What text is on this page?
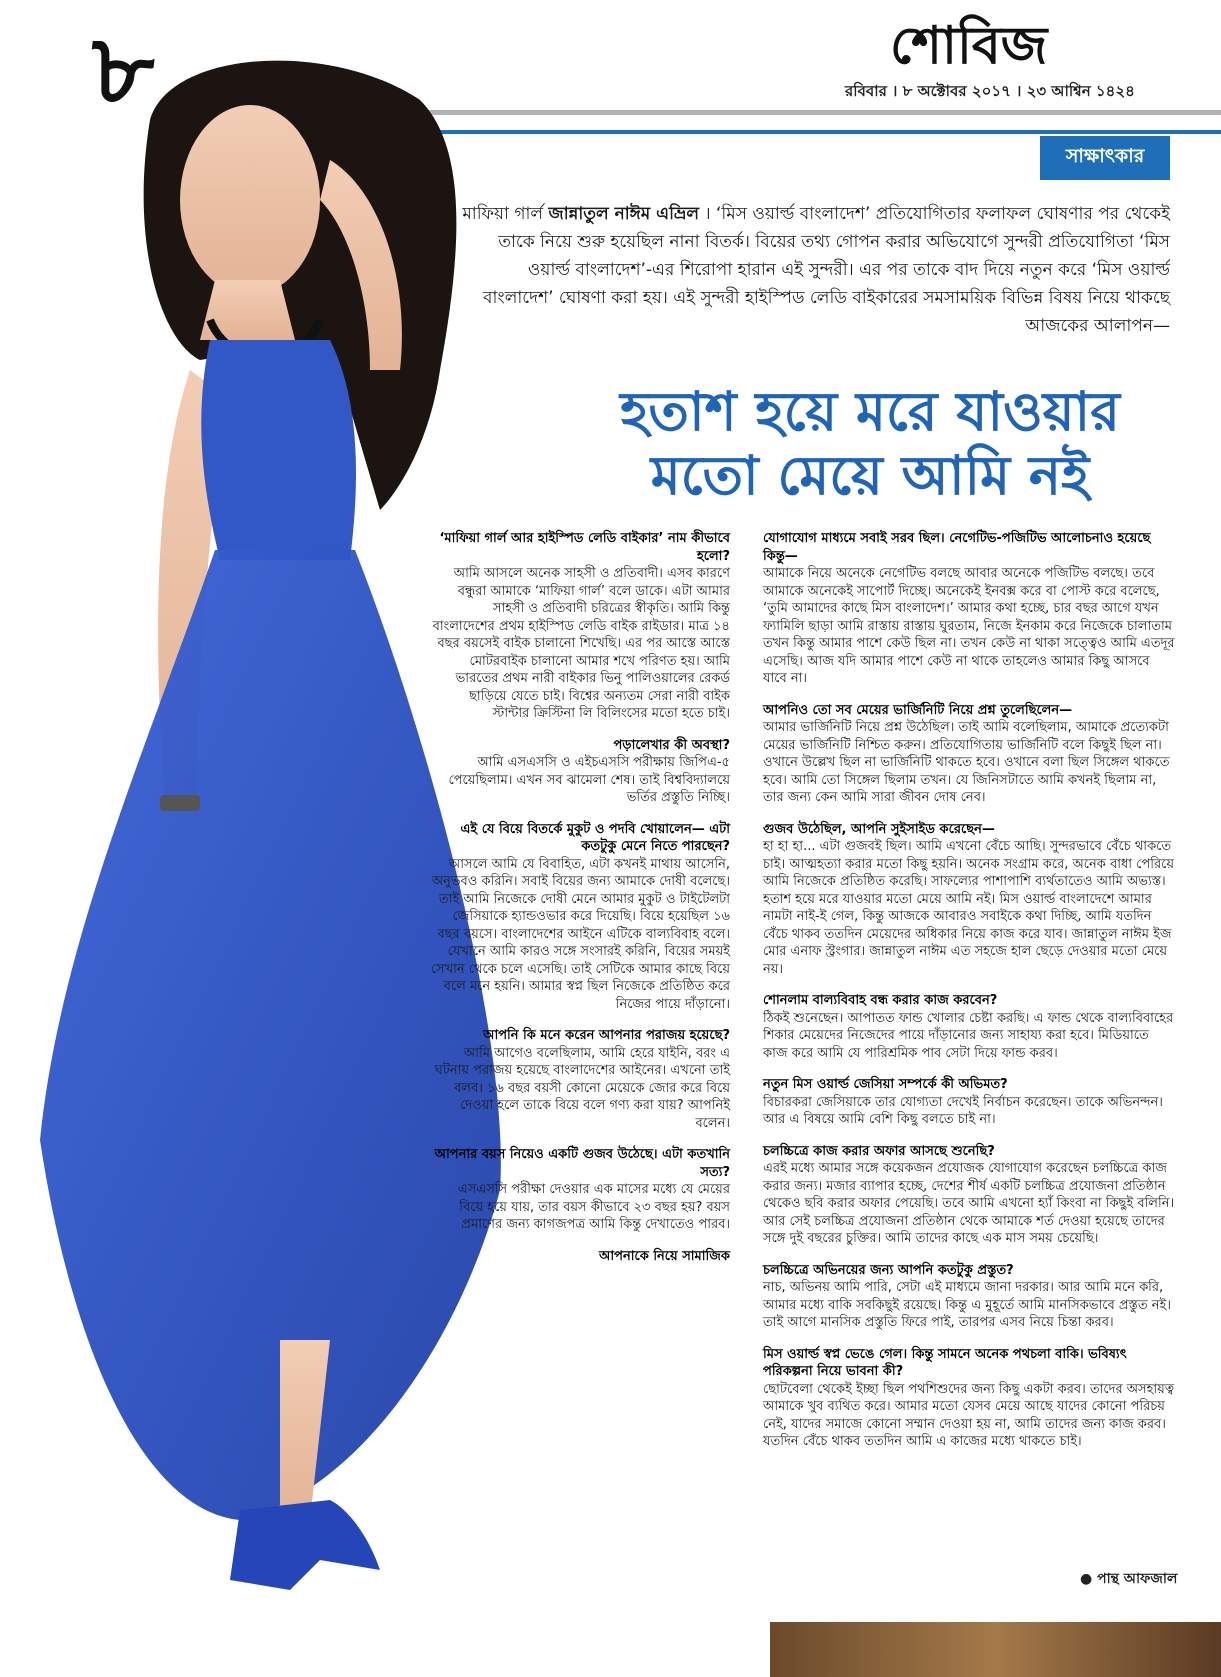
৮	শোবিজ
রবিবার । ৮ অক্টোবর ২০১৭ । ২৩ আশ্বিন ১৪২৪
সাক্ষাৎকার
মাফিয়া গার্ল জান্নাতুল নাঈম এভ্রিল । ‘মিস ওয়ার্ল্ড বাংলাদেশ’ প্রতিযোগিতার ফলাফল ঘোষণার পর থেকেই তাকে নিয়ে শুরু হয়েছিল নানা বিতর্ক। বিয়ের তথ্য গোপন করার অভিযোগে সুন্দরী প্রতিযোগিতা ‘মিস ওয়ার্ল্ড বাংলাদেশ’-এর শিরোপা হারান এই সুন্দরী। এর পর তাকে বাদ দিয়ে নতুন করে ‘মিস ওয়ার্ল্ড বাংলাদেশ’ ঘোষণা করা হয়। এই সুন্দরী হাইস্পিড লেডি বাইকারের সমসাময়িক বিভিন্ন বিষয় নিয়ে থাকছে আজকের আলাপন—
হতাশ হয়ে মরে যাওয়ার
মতো মেয়ে আমি নই
‘মাফিয়া গার্ল আর হাইস্পিড লেডি বাইকার’ নাম কীভাবে হলো?
আমি আসলে অনেক সাহসী ও প্রতিবাদী। এসব কারণে বন্ধুরা আমাকে ‘মাফিয়া গার্ল’ বলে ডাকে। এটা আমার সাহসী ও প্রতিবাদী চরিত্রের স্বীকৃতি। আমি কিন্তু বাংলাদেশের প্রথম হাইস্পিড লেডি বাইক রাইডার। মাত্র ১৪ বছর বয়সেই বাইক চালানো শিখেছি। এর পর আস্তে আস্তে মোটরবাইক চালানো আমার শখে পরিণত হয়। আমি ভারতের প্রথম নারী বাইকার ভিনু পালিওয়ালের রেকর্ড ছাড়িয়ে যেতে চাই। বিশ্বের অন্যতম সেরা নারী বাইক স্টান্টার ক্রিস্টিনা লি বিলিংসের মতো হতে চাই।
পড়ালেখার কী অবস্থা?
আমি এসএসসি ও এইচএসসি পরীক্ষায় জিপিএ-৫ পেয়েছিলাম। এখন সব ঝামেলা শেষ। তাই বিশ্ববিদ্যালয়ে ভর্তির প্রস্তুতি নিচ্ছি।
এই যে বিয়ে বিতর্কে মুকুট ও পদবি খোয়ালেন— এটা কতটুকু মেনে নিতে পারছেন?
আসলে আমি যে বিবাহিত, এটা কখনই মাথায় আসেনি, অনুভবও করিনি। সবাই বিয়ের জন্য আমাকে দোষী বলেছে। তাই আমি নিজেকে দোষী মেনে আমার মুকুট ও টাইটেলটা জেসিয়াকে হ্যান্ডওভার করে দিয়েছি। বিয়ে হয়েছিল ১৬ বছর বয়সে। বাংলাদেশের আইনে এটিকে বাল্যবিবাহ বলে। যেখানে আমি কারও সঙ্গে সংসারই করিনি, বিয়ের সময়ই সেখান থেকে চলে এসেছি। তাই সেটিকে আমার কাছে বিয়ে বলে মনে হয়নি। আমার স্বপ্ন ছিল নিজেকে প্রতিষ্ঠিত করে নিজের পায়ে দাঁড়ানো।
আপনি কি মনে করেন আপনার পরাজয় হয়েছে?
আমি আগেও বলেছিলাম, আমি হেরে যাইনি, বরং এ ঘটনায় পরাজয় হয়েছে বাংলাদেশের আইনের। এখনো তাই বলব। ১৬ বছর বয়সী কোনো মেয়েকে জোর করে বিয়ে দেওয়া হলে তাকে বিয়ে বলে গণ্য করা যায়? আপনিই বলেন।
আপনার বয়স নিয়েও একটি গুজব উঠেছে। এটা কতখানি সত্য?
এসএসসি পরীক্ষা দেওয়ার এক মাসের মধ্যে যে মেয়ের বিয়ে হয়ে যায়, তার বয়স কীভাবে ২৩ বছর হয়? বয়স প্রমাণের জন্য কাগজপত্র আমি কিন্তু দেখাতেও পারব।
আপনাকে নিয়ে সামাজিক
যোগাযোগ মাধ্যমে সবাই সরব ছিল। নেগেটিভ-পজিটিভ আলোচনাও হয়েছে কিন্তু—
আমাকে নিয়ে অনেকে নেগেটিভ বলছে আবার অনেকে পজিটিভ বলছে। তবে আমাকে অনেকেই সাপোর্ট দিচ্ছে। অনেকেই ইনবক্স করে বা পোস্ট করে বলেছে, ‘তুমি আমাদের কাছে মিস বাংলাদেশ।’ আমার কথা হচ্ছে, চার বছর আগে যখন ফ্যামিলি ছাড়া আমি রাস্তায় রাস্তায় ঘুরতাম, নিজে ইনকাম করে নিজেকে চালাতাম তখন কিন্তু আমার পাশে কেউ ছিল না। তখন কেউ না থাকা সত্ত্বেও আমি এতদূর এসেছি। আজ যদি আমার পাশে কেউ না থাকে তাহলেও আমার কিছু আসবে যাবে না।
আপনিও তো সব মেয়ের ভার্জিনিটি নিয়ে প্রশ্ন তুলেছিলেন—
আমার ভার্জিনিটি নিয়ে প্রশ্ন উঠেছিল। তাই আমি বলেছিলাম, আমাকে প্রত্যেকটা মেয়ের ভার্জিনিটি নিশ্চিত করুন। প্রতিযোগিতায় ভার্জিনিটি বলে কিছুই ছিল না। ওখানে উল্লেখ ছিল না ভার্জিনিটি থাকতে হবে। ওখানে বলা ছিল সিঙ্গেল থাকতে হবে। আমি তো সিঙ্গেল ছিলাম তখন। যে জিনিসটাতে আমি কখনই ছিলাম না, তার জন্য কেন আমি সারা জীবন দোষ নেব।
গুজব উঠেছিল, আপনি সুইসাইড করেছেন—
হা হা হা... এটা গুজবই ছিল। আমি এখনো বেঁচে আছি। সুন্দরভাবে বেঁচে থাকতে চাই। আত্মহত্যা করার মতো কিছু হয়নি। অনেক সংগ্রাম করে, অনেক বাধা পেরিয়ে আমি নিজেকে প্রতিষ্ঠিত করেছি। সাফল্যের পাশাপাশি ব্যর্থতাতেও আমি অভ্যস্ত। হতাশ হয়ে মরে যাওয়ার মতো মেয়ে আমি নই। মিস ওয়ার্ল্ড বাংলাদেশে আমার নামটা নাই-ই গেল, কিন্তু আজকে আবারও সবাইকে কথা দিচ্ছি, আমি যতদিন বেঁচে থাকব ততদিন মেয়েদের অধিকার নিয়ে কাজ করে যাব। জান্নাতুল নাঈম ইজ মোর এনাফ স্ট্রংগার। জান্নাতুল নাঈম এত সহজে হাল ছেড়ে দেওয়ার মতো মেয়ে নয়।
শোনলাম বাল্যবিবাহ বন্ধ করার কাজ করবেন?
ঠিকই শুনেছেন। আপাতত ফান্ড খোলার চেষ্টা করছি। এ ফান্ড থেকে বাল্যবিবাহের শিকার মেয়েদের নিজেদের পায়ে দাঁড়ানোর জন্য সাহায্য করা হবে। মিডিয়াতে কাজ করে আমি যে পারিশ্রমিক পাব সেটা দিয়ে ফান্ড করব।
নতুন মিস ওয়ার্ল্ড জেসিয়া সম্পর্কে কী অভিমত?
বিচারকরা জেসিয়াকে তার যোগ্যতা দেখেই নির্বাচন করেছেন। তাকে অভিনন্দন। আর এ বিষয়ে আমি বেশি কিছু বলতে চাই না।
চলচ্চিত্রে কাজ করার অফার আসছে শুনেছি?
এরই মধ্যে আমার সঙ্গে কয়েকজন প্রযোজক যোগাযোগ করেছেন চলচ্চিত্রে কাজ করার জন্য। মজার ব্যাপার হচ্ছে, দেশের শীর্ষ একটি চলচ্চিত্র প্রযোজনা প্রতিষ্ঠান থেকেও ছবি করার অফার পেয়েছি। তবে আমি এখনো হ্যাঁ কিংবা না কিছুই বলিনি। আর সেই চলচ্চিত্র প্রযোজনা প্রতিষ্ঠান থেকে আমাকে শর্ত দেওয়া হয়েছে তাদের সঙ্গে দুই বছরের চুক্তির। আমি তাদের কাছে এক মাস সময় চেয়েছি।
চলচ্চিত্রে অভিনয়ের জন্য আপনি কতটুকু প্রস্তুত?
নাচ, অভিনয় আমি পারি, সেটা এই মাধ্যমে জানা দরকার। আর আমি মনে করি, আমার মধ্যে বাকি সবকিছুই রয়েছে। কিন্তু এ মুহূর্তে আমি মানসিকভাবে প্রস্তুত নই। তাই আগে মানসিক প্রস্তুতি ফিরে পাই, তারপর এসব নিয়ে চিন্তা করব।
মিস ওয়ার্ল্ড স্বপ্ন ভেঙে গেল। কিন্তু সামনে অনেক পথচলা বাকি। ভবিষ্যৎ পরিকল্পনা নিয়ে ভাবনা কী?
ছোটবেলা থেকেই ইচ্ছা ছিল পথশিশুদের জন্য কিছু একটা করব। তাদের অসহায়ত্ব আমাকে খুব ব্যথিত করে। আমার মতো যেসব মেয়ে আছে যাদের কোনো পরিচয় নেই, যাদের সমাজে কোনো সম্মান দেওয়া হয় না, আমি তাদের জন্য কাজ করব। যতদিন বেঁচে থাকব ততদিন আমি এ কাজের মধ্যে থাকতে চাই।
● পান্থ আফজাল
